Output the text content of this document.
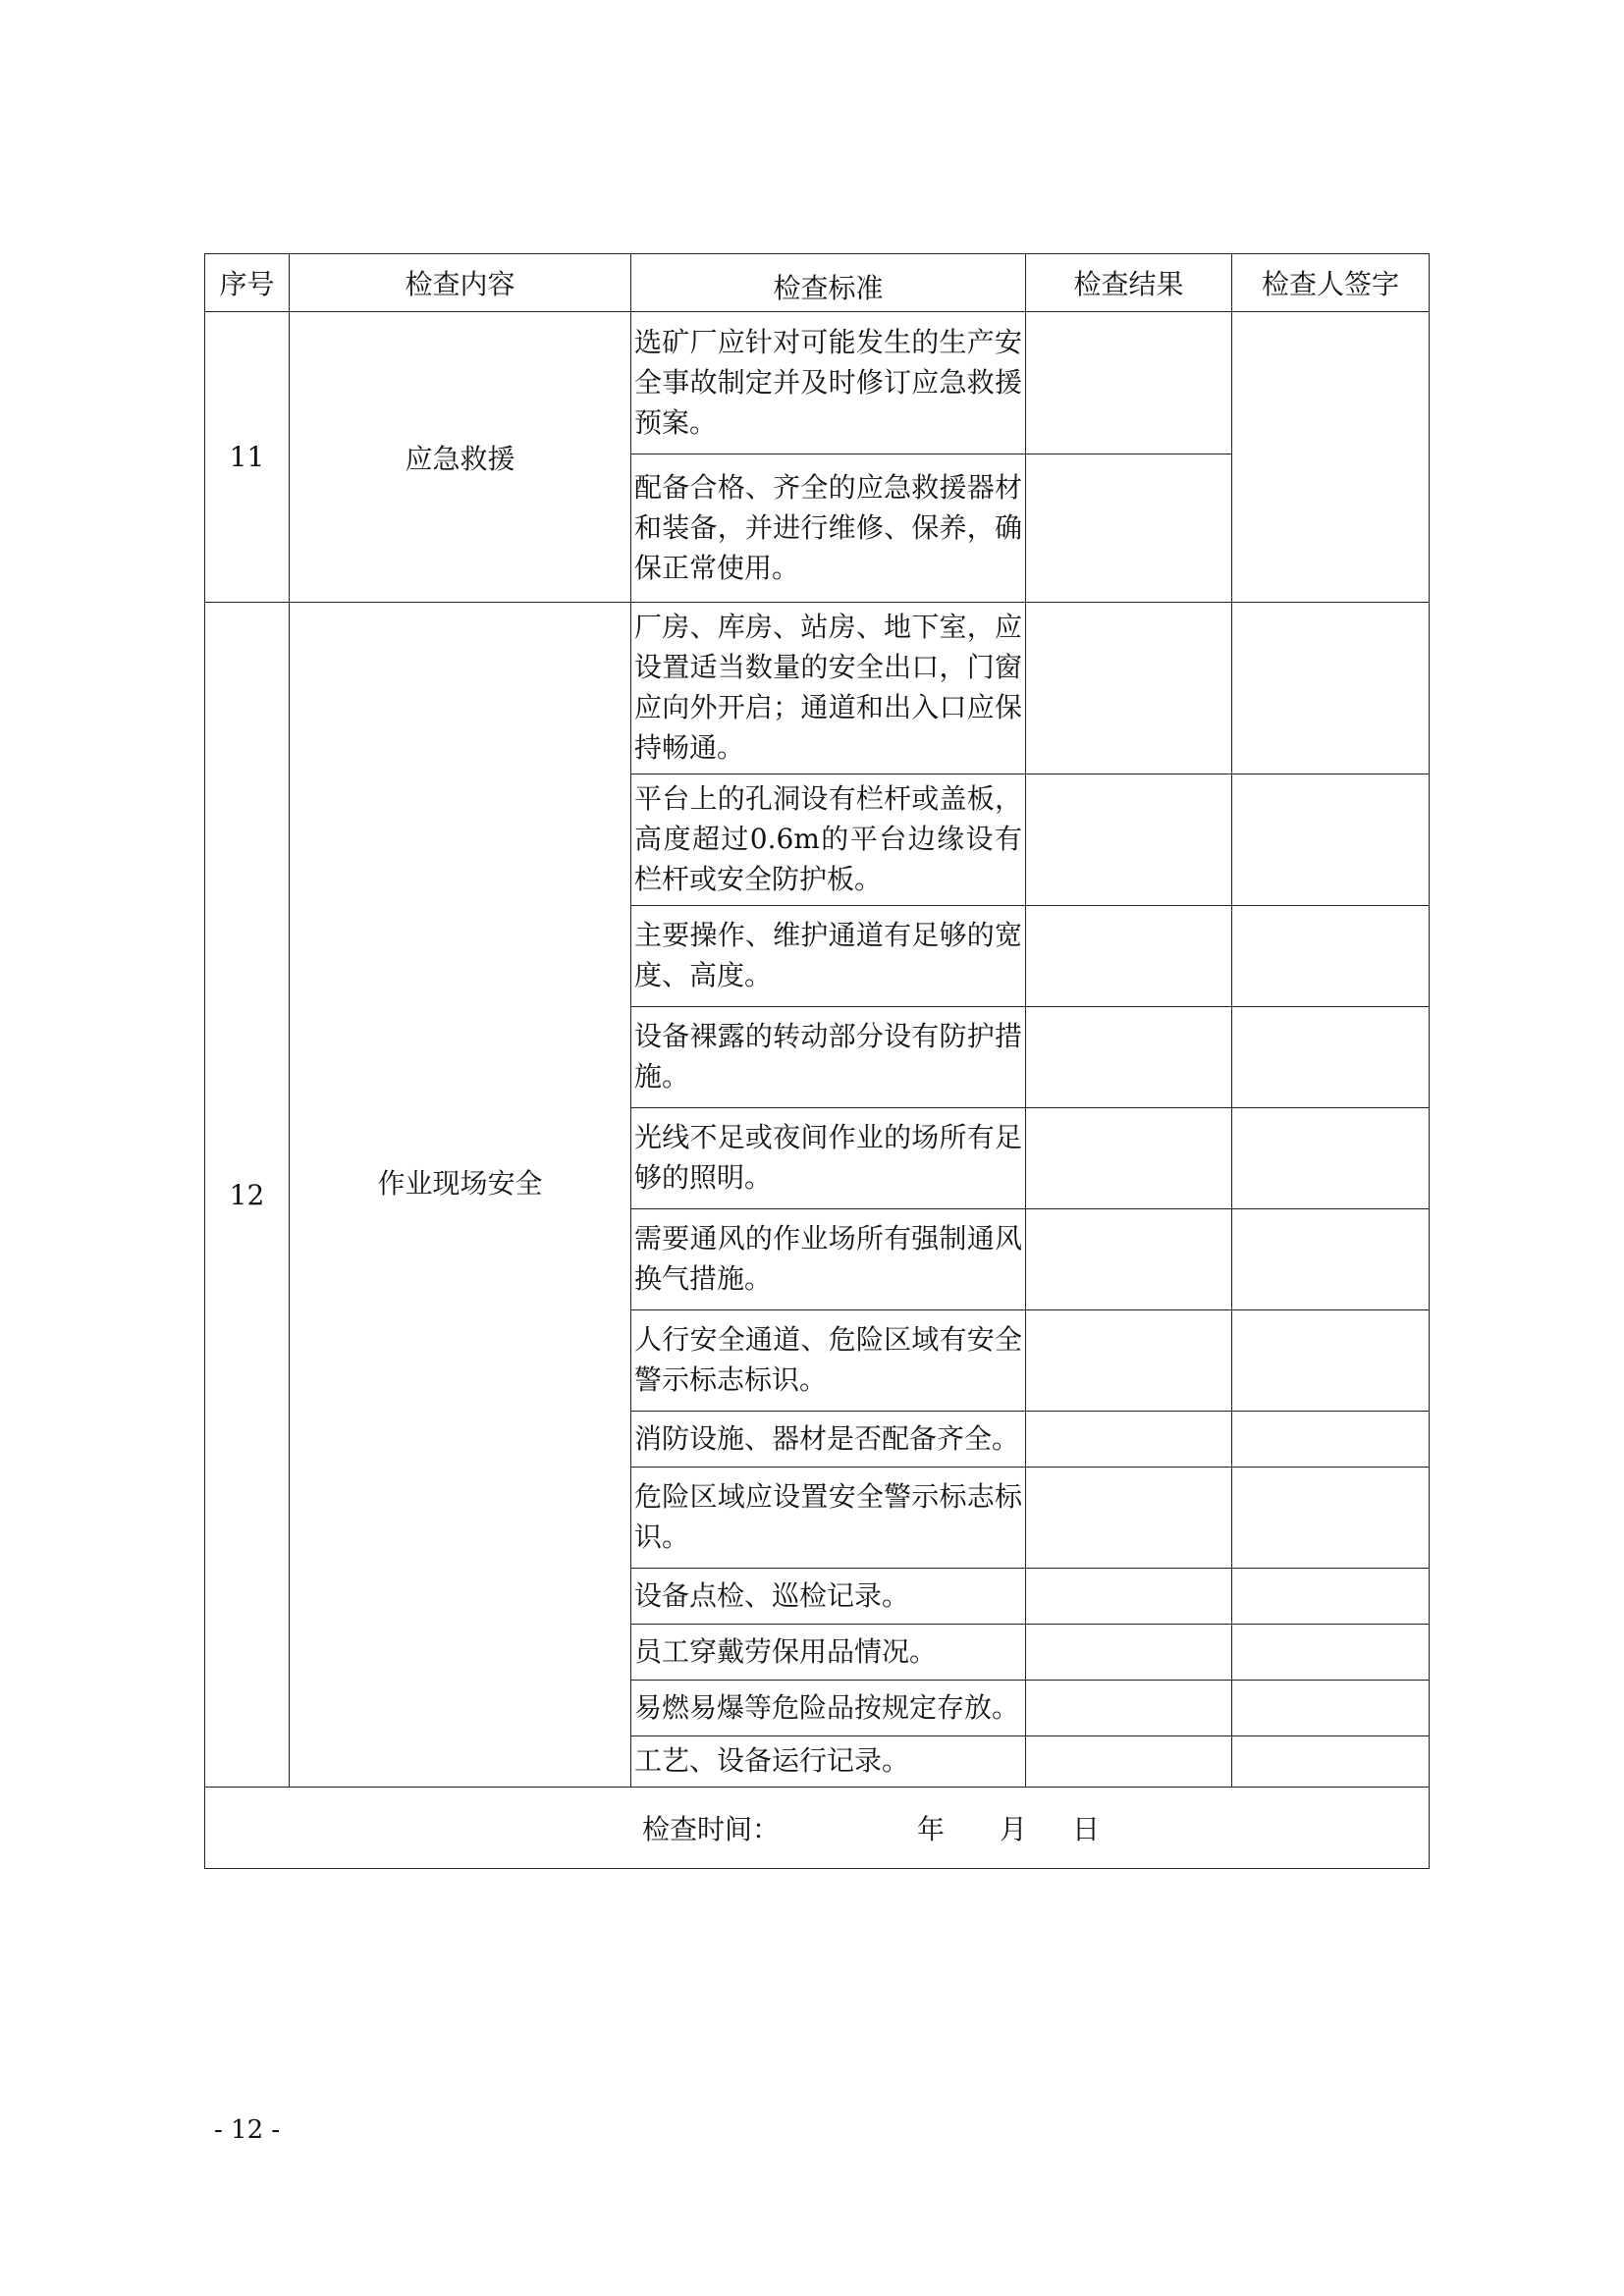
序号	检查内容	检查标准	检查结果	检查人签字
11	应急救援	选矿厂应针对可能发生的生产安全事故制定并及时修订应急救援预案。		
		配备合格、齐全的应急救援器材和装备，并进行维修、保养，确保正常使用。		
12	作业现场安全	厂房、库房、站房、地下室，应设置适当数量的安全出口，门窗应向外开启；通道和出入口应保持畅通。		
		平台上的孔洞设有栏杆或盖板，高度超过0.6m的平台边缘设有栏杆或安全防护板。		
		主要操作、维护通道有足够的宽度、高度。		
		设备裸露的转动部分设有防护措施。		
		光线不足或夜间作业的场所有足够的照明。		
		需要通风的作业场所有强制通风换气措施。		
		人行安全通道、危险区域有安全警示标志标识。		
		消防设施、器材是否配备齐全。		
		危险区域应设置安全警示标志标识。		
		设备点检、巡检记录。		
		员工穿戴劳保用品情况。		
		易燃易爆等危险品按规定存放。		
		工艺、设备运行记录。		
检查时间： 年 月 日				
- 12 -
